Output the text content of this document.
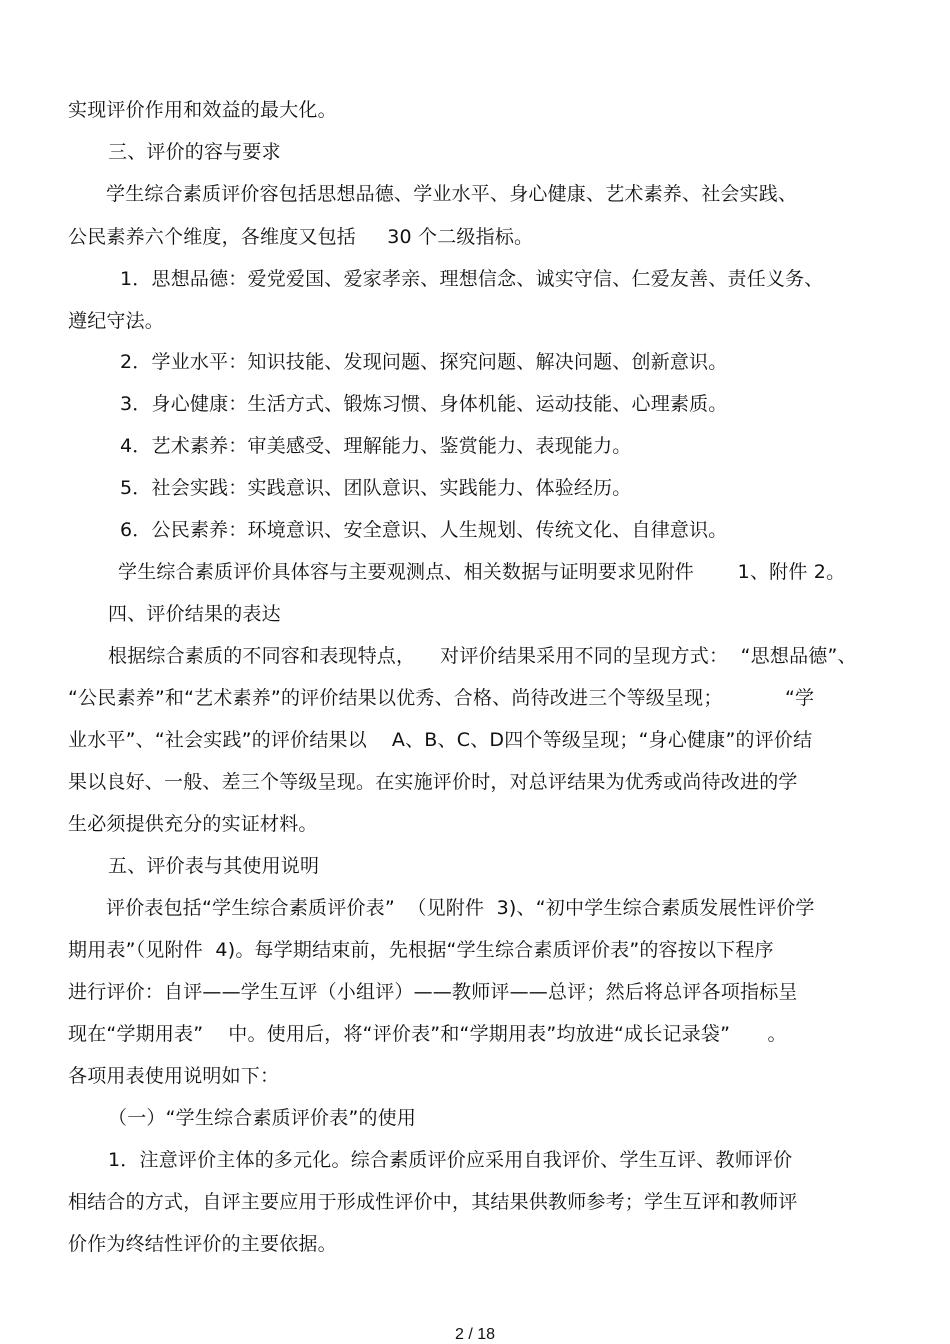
实现评价作用和效益的最大化。
三、评价的容与要求
学生综合素质评价容包括思想品德、学业水平、身心健康、艺术素养、社会实践、
公民素养六个维度，各维度又包括     30 个二级指标。
1．思想品德：爱党爱国、爱家孝亲、理想信念、诚实守信、仁爱友善、责任义务、
遵纪守法。
2．学业水平：知识技能、发现问题、探究问题、解决问题、创新意识。
3．身心健康：生活方式、锻炼习惯、身体机能、运动技能、心理素质。
4．艺术素养：审美感受、理解能力、鉴赏能力、表现能力。
5．社会实践：实践意识、团队意识、实践能力、体验经历。
6．公民素养：环境意识、安全意识、人生规划、传统文化、自律意识。
学生综合素质评价具体容与主要观测点、相关数据与证明要求见附件       1、附件 2。
四、评价结果的表达
根据综合素质的不同容和表现特点，    对评价结果采用不同的呈现方式：  “思想品德”、
“公民素养”和“艺术素养”的评价结果以优秀、合格、尚待改进三个等级呈现；          “学
业水平”、“社会实践”的评价结果以    A、B、C、D四个等级呈现；“身心健康”的评价结
果以良好、一般、差三个等级呈现。在实施评价时，对总评结果为优秀或尚待改进的学
生必须提供充分的实证材料。
五、评价表与其使用说明
评价表包括“学生综合素质评价表”  （见附件  3)、“初中学生综合素质发展性评价学
期用表”（见附件  4)。每学期结束前，先根据“学生综合素质评价表”的容按以下程序
进行评价：自评——学生互评（小组评）——教师评——总评；然后将总评各项指标呈
现在“学期用表”    中。使用后，将“评价表”和“学期用表”均放进“成长记录袋”      。
各项用表使用说明如下：
（一）“学生综合素质评价表”的使用
1．注意评价主体的多元化。综合素质评价应采用自我评价、学生互评、教师评价
相结合的方式，自评主要应用于形成性评价中，其结果供教师参考；学生互评和教师评
价作为终结性评价的主要依据。
2 / 18
